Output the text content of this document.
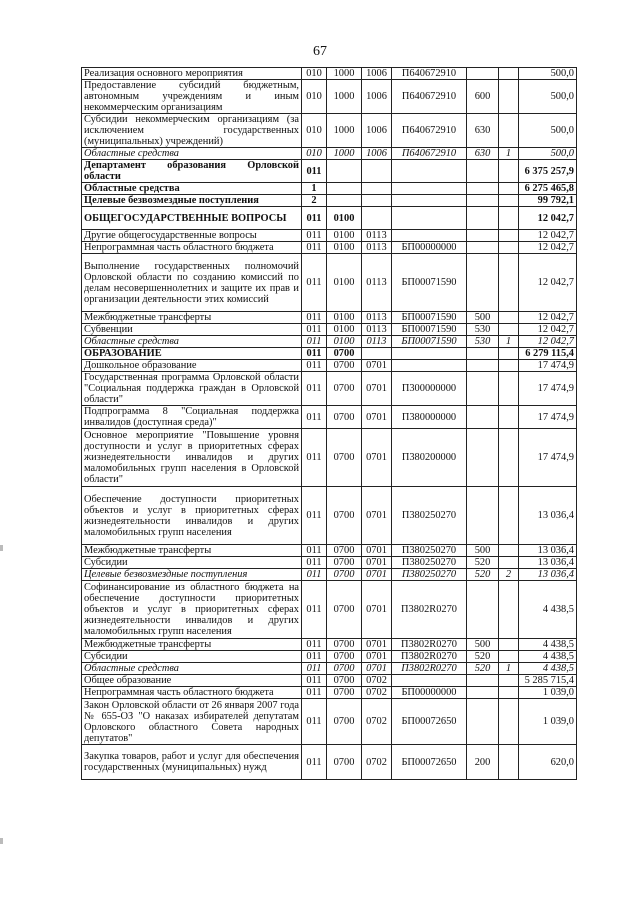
67
Реализация основного мероприятия	010	1000	1006	П640672910			500,0
Предоставление субсидий бюджетным, автономным учреждениям и иным некоммерческим организациям	010	1000	1006	П640672910	600		500,0
Субсидии некоммерческим организациям (за исключением государственных (муниципальных) учреждений)	010	1000	1006	П640672910	630		500,0
Областные средства	010	1000	1006	П640672910	630	1	500,0
Департамент образования Орловской области	011						6 375 257,9
Областные средства	1						6 275 465,8
Целевые безвозмездные поступления	2						99 792,1
ОБЩЕГОСУДАРСТВЕННЫЕ ВОПРОСЫ	011	0100					12 042,7
Другие общегосударственные вопросы	011	0100	0113				12 042,7
Непрограммная часть областного бюджета	011	0100	0113	БП00000000			12 042,7
Выполнение государственных полномочий Орловской области по созданию комиссий по делам несовершеннолетних и защите их прав и организации деятельности этих комиссий	011	0100	0113	БП00071590			12 042,7
Межбюджетные трансферты	011	0100	0113	БП00071590	500		12 042,7
Субвенции	011	0100	0113	БП00071590	530		12 042,7
Областные средства	011	0100	0113	БП00071590	530	1	12 042,7
ОБРАЗОВАНИЕ	011	0700					6 279 115,4
Дошкольное образование	011	0700	0701				17 474,9
Государственная программа Орловской области "Социальная поддержка граждан в Орловской области"	011	0700	0701	П300000000			17 474,9
Подпрограмма 8 "Социальная поддержка инвалидов (доступная среда)"	011	0700	0701	П380000000			17 474,9
Основное мероприятие "Повышение уровня доступности и услуг в приоритетных сферах жизнедеятельности инвалидов и других маломобильных групп населения в Орловской области"	011	0700	0701	П380200000			17 474,9
Обеспечение доступности приоритетных объектов и услуг в приоритетных сферах жизнедеятельности инвалидов и других маломобильных групп населения	011	0700	0701	П380250270			13 036,4
Межбюджетные трансферты	011	0700	0701	П380250270	500		13 036,4
Субсидии	011	0700	0701	П380250270	520		13 036,4
Целевые безвозмездные поступления	011	0700	0701	П380250270	520	2	13 036,4
Софинансирование из областного бюджета на обеспечение доступности приоритетных объектов и услуг в приоритетных сферах жизнедеятельности инвалидов и других маломобильных групп населения	011	0700	0701	П3802R0270			4 438,5
Межбюджетные трансферты	011	0700	0701	П3802R0270	500		4 438,5
Субсидии	011	0700	0701	П3802R0270	520		4 438,5
Областные средства	011	0700	0701	П3802R0270	520	1	4 438,5
Общее образование	011	0700	0702				5 285 715,4
Непрограммная часть областного бюджета	011	0700	0702	БП00000000			1 039,0
Закон Орловской области от 26 января 2007 года № 655-ОЗ "О наказах избирателей депутатам Орловского областного Совета народных депутатов"	011	0700	0702	БП00072650			1 039,0
Закупка товаров, работ и услуг для обеспечения государственных (муниципальных) нужд	011	0700	0702	БП00072650	200		620,0
